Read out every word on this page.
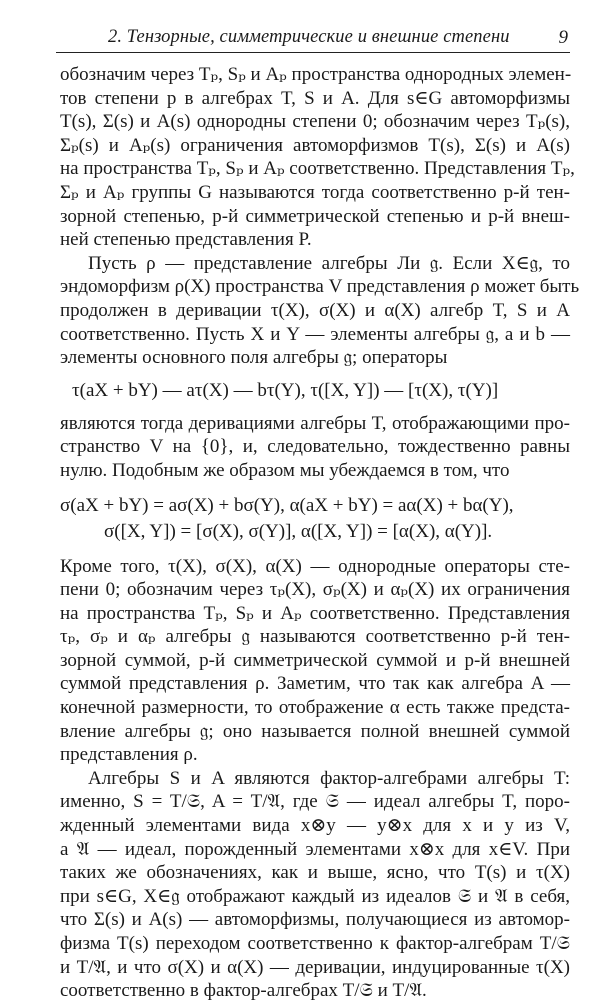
2. Тензорные, симметрические и внешние степени	9

обозначим через Tₚ, Sₚ и Aₚ пространства однородных элемен-
тов степени p в алгебрах T, S и A. Для s∈G автоморфизмы
T(s), Σ(s) и A(s) однородны степени 0; обозначим через Tₚ(s),
Σₚ(s) и Aₚ(s) ограничения автоморфизмов T(s), Σ(s) и A(s)
на пространства Tₚ, Sₚ и Aₚ соответственно. Представления Tₚ,
Σₚ и Aₚ группы G называются тогда соответственно p-й тен-
зорной степенью, p-й симметрической степенью и p-й внеш-
ней степенью представления P.

Пусть ρ — представление алгебры Ли 𝔤. Если X∈𝔤, то
эндоморфизм ρ(X) пространства V представления ρ может быть
продолжен в деривации τ(X), σ(X) и α(X) алгебр T, S и A
соответственно. Пусть X и Y — элементы алгебры 𝔤, a и b —
элементы основного поля алгебры 𝔤; операторы

τ(aX + bY) — aτ(X) — bτ(Y), τ([X, Y]) — [τ(X), τ(Y)]

являются тогда деривациями алгебры T, отображающими про-
странство V на {0}, и, следовательно, тождественно равны
нулю. Подобным же образом мы убеждаемся в том, что

σ(aX + bY) = aσ(X) + bσ(Y), α(aX + bY) = aα(X) + bα(Y),
σ([X, Y]) = [σ(X), σ(Y)], α([X, Y]) = [α(X), α(Y)].

Кроме того, τ(X), σ(X), α(X) — однородные операторы сте-
пени 0; обозначим через τₚ(X), σₚ(X) и αₚ(X) их ограничения
на пространства Tₚ, Sₚ и Aₚ соответственно. Представления
τₚ, σₚ и αₚ алгебры 𝔤 называются соответственно p-й тен-
зорной суммой, p-й симметрической суммой и p-й внешней
суммой представления ρ. Заметим, что так как алгебра A —
конечной размерности, то отображение α есть также предста-
вление алгебры 𝔤; оно называется полной внешней суммой
представления ρ.

Алгебры S и A являются фактор-алгебрами алгебры T:
именно, S = T/𝔖, A = T/𝔄, где 𝔖 — идеал алгебры T, поро-
жденный элементами вида x⊗y — y⊗x для x и y из V,
а 𝔄 — идеал, порожденный элементами x⊗x для x∈V. При
таких же обозначениях, как и выше, ясно, что T(s) и τ(X)
при s∈G, X∈𝔤 отображают каждый из идеалов 𝔖 и 𝔄 в себя,
что Σ(s) и A(s) — автоморфизмы, получающиеся из автомор-
физма T(s) переходом соответственно к фактор-алгебрам T/𝔖
и T/𝔄, и что σ(X) и α(X) — деривации, индуцированные τ(X)
соответственно в фактор-алгебрах T/𝔖 и T/𝔄.
